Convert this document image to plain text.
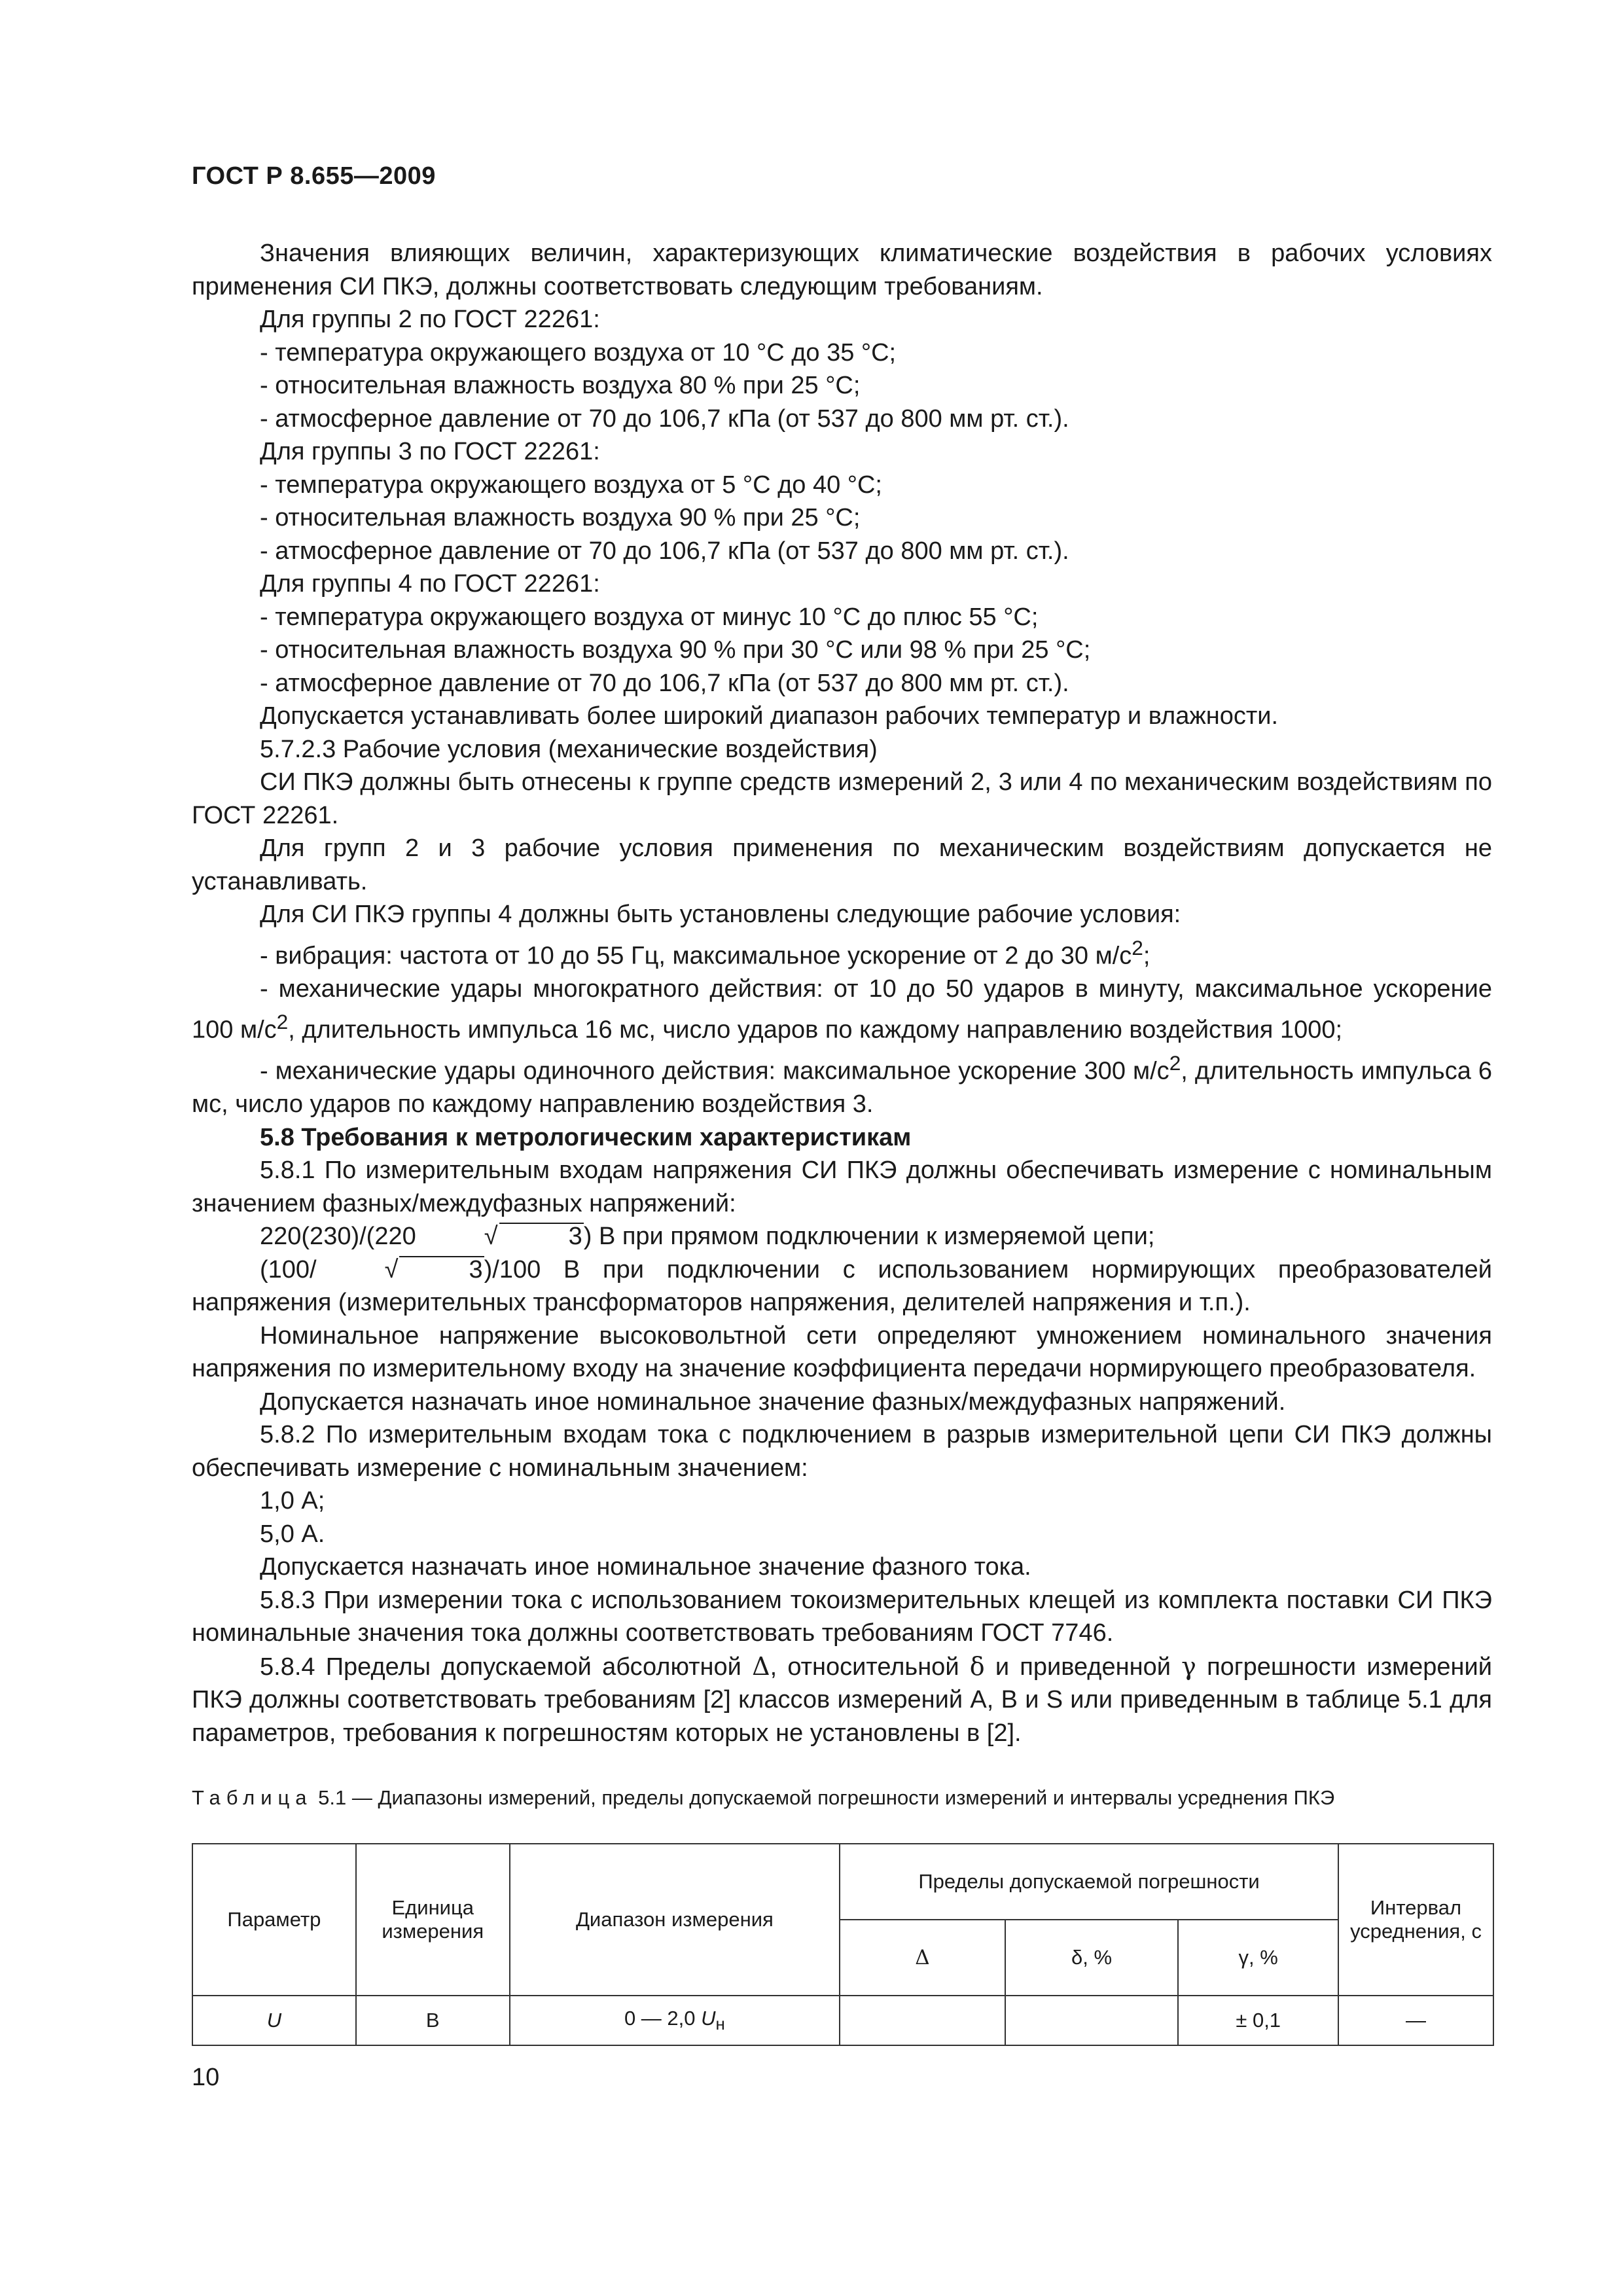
ГОСТ Р 8.655—2009

Значения влияющих величин, характеризующих климатические воздействия в рабочих условиях применения СИ ПКЭ, должны соответствовать следующим требованиям.

Для группы 2 по ГОСТ 22261:

- температура окружающего воздуха от 10 °С до 35 °С;

- относительная влажность воздуха 80 % при 25 °С;

- атмосферное давление от 70 до 106,7 кПа (от 537 до 800 мм рт. ст.).

Для группы 3 по ГОСТ 22261:

- температура окружающего воздуха от 5 °С до 40 °С;

- относительная влажность воздуха 90 % при 25 °С;

- атмосферное давление от 70 до 106,7 кПа (от 537 до 800 мм рт. ст.).

Для группы 4 по ГОСТ 22261:

- температура окружающего воздуха от минус 10 °С до плюс 55 °С;

- относительная влажность воздуха 90 % при 30 °С или 98 % при 25 °С;

- атмосферное давление от 70 до 106,7 кПа (от 537 до 800 мм рт. ст.).

Допускается устанавливать более широкий диапазон рабочих температур и влажности.

5.7.2.3 Рабочие условия (механические воздействия)

СИ ПКЭ должны быть отнесены к группе средств измерений 2, 3 или 4 по механическим воздействиям по ГОСТ 22261.

Для групп 2 и 3 рабочие условия применения по механическим воздействиям допускается не устанавливать.

Для СИ ПКЭ группы 4 должны быть установлены следующие рабочие условия:

- вибрация: частота от 10 до 55 Гц, максимальное ускорение от 2 до 30 $м/с^2$;

- механические удары многократного действия: от 10 до 50 ударов в минуту, максимальное ускорение 100 $м/с^2$, длительность импульса 16 мс, число ударов по каждому направлению воздействия 1000;

- механические удары одиночного действия: максимальное ускорение 300 $м/с^2$, длительность импульса 6 мс, число ударов по каждому направлению воздействия 3.

5.8 Требования к метрологическим характеристикам

5.8.1 По измерительным входам напряжения СИ ПКЭ должны обеспечивать измерение с номинальным значением фазных/междуфазных напряжений:

220(230)/(220	√	3) В при прямом подключении к измеряемой цепи;

(100/	√	3)/100 В при подключении с использованием нормирующих преобразователей напряжения (измерительных трансформаторов напряжения, делителей напряжения и т.п.).

Номинальное напряжение высоковольтной сети определяют умножением номинального значения напряжения по измерительному входу на значение коэффициента передачи нормирующего преобразователя.

Допускается назначать иное номинальное значение фазных/междуфазных напряжений.

5.8.2 По измерительным входам тока с подключением в разрыв измерительной цепи СИ ПКЭ должны обеспечивать измерение с номинальным значением:

1,0 А;

5,0 А.

Допускается назначать иное номинальное значение фазного тока.

5.8.3 При измерении тока с использованием токоизмерительных клещей из комплекта поставки СИ ПКЭ номинальные значения тока должны соответствовать требованиям ГОСТ 7746.

5.8.4 Пределы допускаемой абсолютной Δ, относительной δ и приведенной γ погрешности измерений ПКЭ должны соответствовать требованиям [2] классов измерений А, В и S или приведенным в таблице 5.1 для параметров, требования к погрешностям которых не установлены в [2].

Таблица 5.1 — Диапазоны измерений, пределы допускаемой погрешности измерений и интервалы усреднения ПКЭ
Параметр	Единица измерения	Диапазон измерения	Пределы допускаемой погрешности			Интервал усреднения, с
			Δ	δ, %	γ, %	
U	В	0 — 2,0 $U_н$			± 0,1	—
10
